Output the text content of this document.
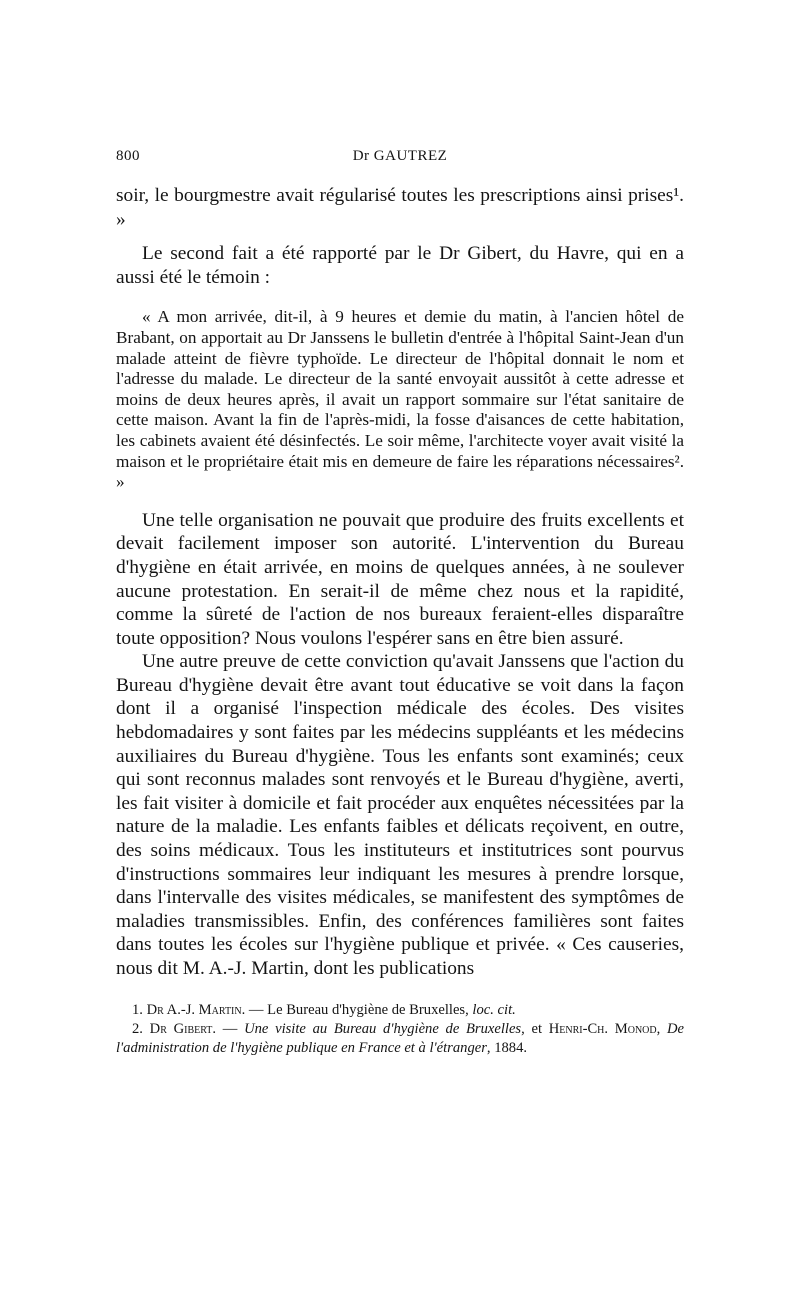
800	Dr GAUTREZ

soir, le bourgmestre avait régularisé toutes les prescriptions ainsi prises¹. »

Le second fait a été rapporté par le Dr Gibert, du Havre, qui en a aussi été le témoin :

« A mon arrivée, dit-il, à 9 heures et demie du matin, à l'ancien hôtel de Brabant, on apportait au Dr Janssens le bulletin d'entrée à l'hôpital Saint-Jean d'un malade atteint de fièvre typhoïde. Le directeur de l'hôpital donnait le nom et l'adresse du malade. Le directeur de la santé envoyait aussitôt à cette adresse et moins de deux heures après, il avait un rapport sommaire sur l'état sanitaire de cette maison. Avant la fin de l'après-midi, la fosse d'aisances de cette habitation, les cabinets avaient été désinfectés. Le soir même, l'architecte voyer avait visité la maison et le propriétaire était mis en demeure de faire les réparations nécessaires². »

Une telle organisation ne pouvait que produire des fruits excellents et devait facilement imposer son autorité. L'intervention du Bureau d'hygiène en était arrivée, en moins de quelques années, à ne soulever aucune protestation. En serait-il de même chez nous et la rapidité, comme la sûreté de l'action de nos bureaux feraient-elles disparaître toute opposition? Nous voulons l'espérer sans en être bien assuré.

Une autre preuve de cette conviction qu'avait Janssens que l'action du Bureau d'hygiène devait être avant tout éducative se voit dans la façon dont il a organisé l'inspection médicale des écoles. Des visites hebdomadaires y sont faites par les médecins suppléants et les médecins auxiliaires du Bureau d'hygiène. Tous les enfants sont examinés; ceux qui sont reconnus malades sont renvoyés et le Bureau d'hygiène, averti, les fait visiter à domicile et fait procéder aux enquêtes nécessitées par la nature de la maladie. Les enfants faibles et délicats reçoivent, en outre, des soins médicaux. Tous les instituteurs et institutrices sont pourvus d'instructions sommaires leur indiquant les mesures à prendre lorsque, dans l'intervalle des visites médicales, se manifestent des symptômes de maladies transmissibles. Enfin, des conférences familières sont faites dans toutes les écoles sur l'hygiène publique et privée. « Ces causeries, nous dit M. A.-J. Martin, dont les publications

1. Dr A.-J. Martin. — Le Bureau d'hygiène de Bruxelles, loc. cit.

2. Dr Gibert. — Une visite au Bureau d'hygiène de Bruxelles, et Henri-Ch. Monod, De l'administration de l'hygiène publique en France et à l'étranger, 1884.
